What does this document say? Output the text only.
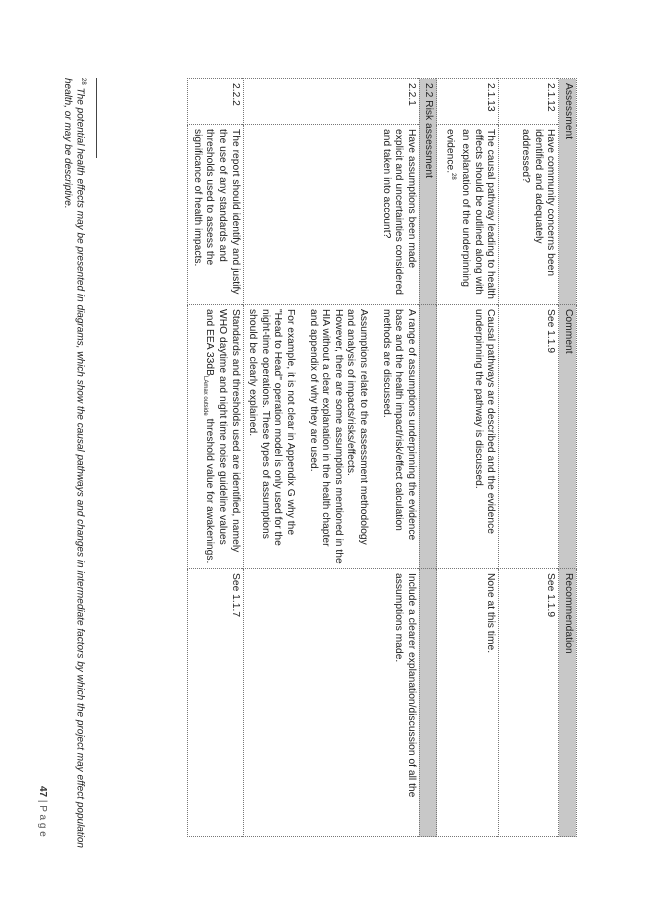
Assessment		Comment	Recommendation
2.1.12	Have community concerns been identified and adequately addressed?	See 1.1.9	See 1.1.9
2.1.13	The causal pathway leading to health effects should be outlined along with an explanation of the underpinning evidence.$^{28}$	Causal pathways are described and the evidence underpinning the pathway is discussed.	None at this time.
2.2 Risk assessment			
2.2.1	Have assumptions been made explicit and uncertainties considered and taken into account?	A range of assumptions underpinning the evidence base and the health impact/risk/effect calculation methods are discussed.

Assumptions relate to the assessment methodology and analysis of impacts/risks/effects.
However, there are some assumptions mentioned in the HIA without a clear explanation in the health chapter and appendix of why they are used.

For example, it is not clear in Appendix G why the "Head to Head" operation model is only used for the night-time operations. These types of assumptions should be clearly explained.	Include a clearer explanation/discussion of all the assumptions made.
2.2.2	The report should identify and justify the use of any standards and thresholds used to assess the significance of health impacts.	Standards and thresholds used are identified, namely WHO daytime and night time noise guideline values and EEA $33dB_{LAmax outside}$ threshold value for awakenings.	See 1.1.7
$^{28}$ The potential health effects may be presented in diagrams, which show the causal pathways and changes in intermediate factors by which the project may effect population health, or may be descriptive.
47 | P a g e
